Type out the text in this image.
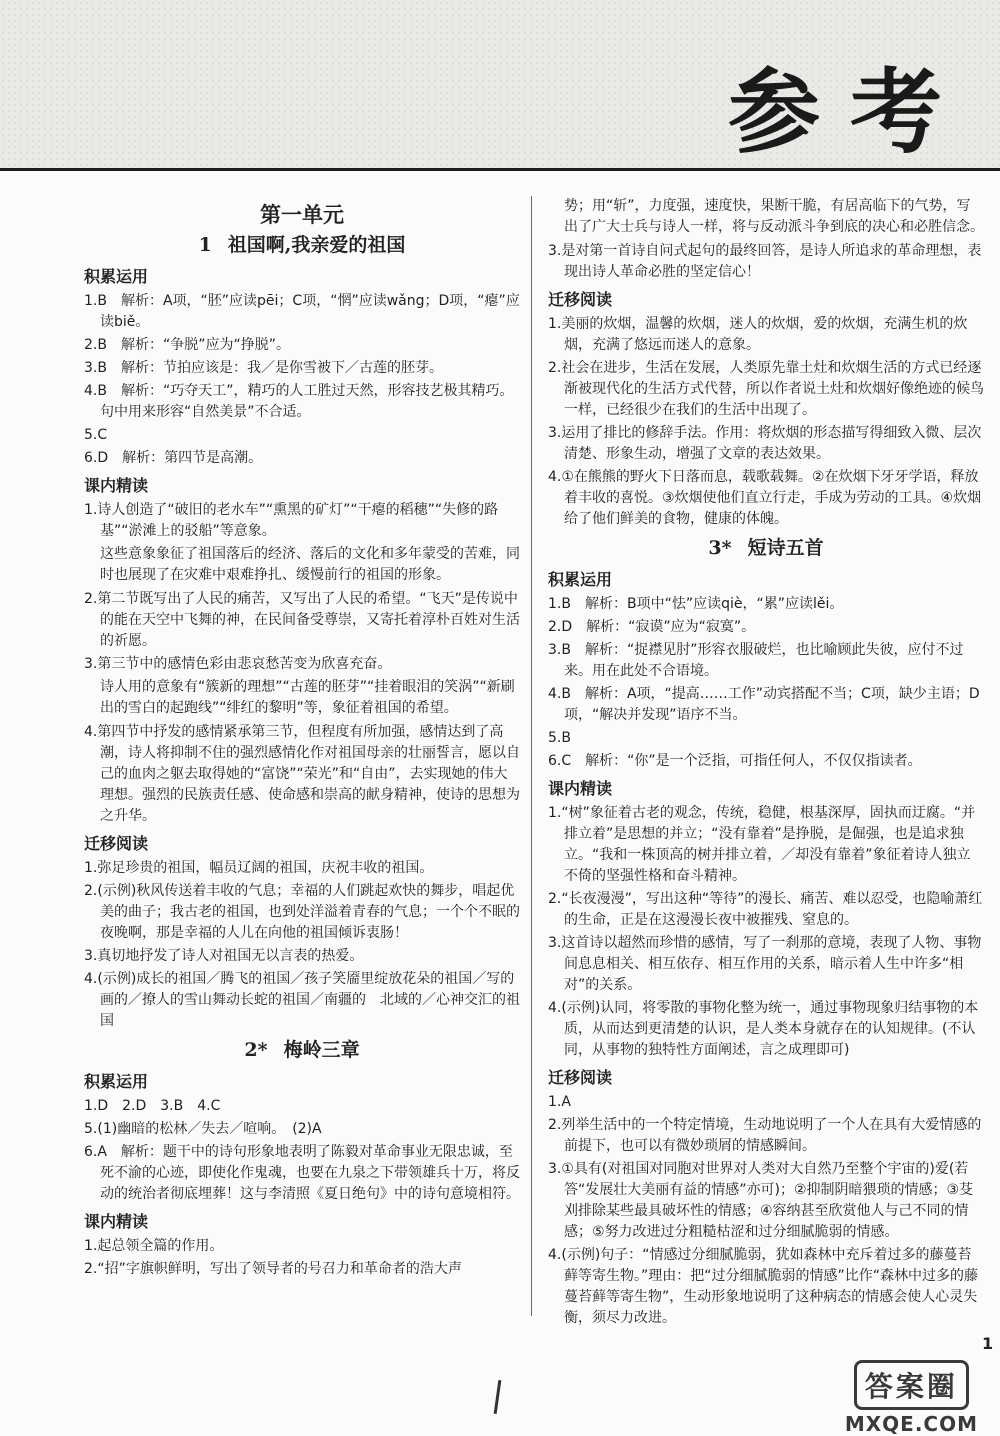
参考
第一单元
1 祖国啊,我亲爱的祖国
积累运用
1.B　解析：A项，“胚”应读pēi；C项，“惘”应读wǎng；D项，“瘪”应读biě。
2.B　解析：“争脱”应为“挣脱”。
3.B　解析：节拍应该是：我／是你雪被下／古莲的胚芽。
4.B　解析：“巧夺天工”，精巧的人工胜过天然，形容技艺极其精巧。句中用来形容“自然美景”不合适。
5.C
6.D　解析：第四节是高潮。
课内精读
1.诗人创造了“破旧的老水车”“熏黑的矿灯”“干瘪的稻穗”“失修的路基”“淤滩上的驳船”等意象。
这些意象象征了祖国落后的经济、落后的文化和多年蒙受的苦难，同时也展现了在灾难中艰难挣扎、缓慢前行的祖国的形象。
2.第二节既写出了人民的痛苦，又写出了人民的希望。“飞天”是传说中的能在天空中飞舞的神，在民间备受尊崇，又寄托着淳朴百姓对生活的祈愿。
3.第三节中的感情色彩由悲哀愁苦变为欣喜充奋。
诗人用的意象有“簇新的理想”“古莲的胚芽”“挂着眼泪的笑涡”“新刷出的雪白的起跑线”“绯红的黎明”等，象征着祖国的希望。
4.第四节中抒发的感情紧承第三节，但程度有所加强，感情达到了高潮，诗人将抑制不住的强烈感情化作对祖国母亲的壮丽誓言，愿以自己的血肉之躯去取得她的“富饶”“荣光”和“自由”，去实现她的伟大理想。强烈的民族责任感、使命感和崇高的献身精神，使诗的思想为之升华。
迁移阅读
1.弥足珍贵的祖国，幅员辽阔的祖国，庆祝丰收的祖国。
2.(示例)秋风传送着丰收的气息；幸福的人们跳起欢快的舞步，唱起优美的曲子；我古老的祖国，也到处洋溢着青春的气息；一个个不眠的夜晚啊，那是幸福的人儿在向他的祖国倾诉衷肠！
3.真切地抒发了诗人对祖国无以言表的热爱。
4.(示例)成长的祖国／腾飞的祖国／孩子笑靥里绽放花朵的祖国／写的　画的／撩人的雪山舞动长蛇的祖国／南疆的　北域的／心神交汇的祖国
2* 梅岭三章
积累运用
1.D　2.D　3.B　4.C
5.(1)幽暗的松林／失去／喧响。　(2)A
6.A　解析：题干中的诗句形象地表明了陈毅对革命事业无限忠诚，至死不渝的心迹，即使化作鬼魂，也要在九泉之下带领雄兵十万，将反动的统治者彻底埋葬！这与李清照《夏日绝句》中的诗句意境相符。
课内精读
1.起总领全篇的作用。
2.“招”字旗帜鲜明，写出了领导者的号召力和革命者的浩大声
势；用“斩”，力度强，速度快，果断干脆，有居高临下的气势，写出了广大士兵与诗人一样，将与反动派斗争到底的决心和必胜信念。
3.是对第一首诗自问式起句的最终回答，是诗人所追求的革命理想，表现出诗人革命必胜的坚定信心！
迁移阅读
1.美丽的炊烟，温馨的炊烟，迷人的炊烟，爱的炊烟，充满生机的炊烟，充满了悠远而迷人的意象。
2.社会在进步，生活在发展，人类原先靠土灶和炊烟生活的方式已经逐渐被现代化的生活方式代替，所以作者说土灶和炊烟好像绝迹的候鸟一样，已经很少在我们的生活中出现了。
3.运用了排比的修辞手法。作用：将炊烟的形态描写得细致入微、层次清楚、形象生动，增强了文章的表达效果。
4.①在熊熊的野火下日落而息，载歌载舞。②在炊烟下牙牙学语，释放着丰收的喜悦。③炊烟使他们直立行走，手成为劳动的工具。④炊烟给了他们鲜美的食物，健康的体魄。
3* 短诗五首
积累运用
1.B　解析：B项中“怯”应读qiè，“累”应读lěi。
2.D　解析：“寂谟”应为“寂寞”。
3.B　解析：“捉襟见肘”形容衣服破烂，也比喻顾此失彼，应付不过来。用在此处不合语境。
4.B　解析：A项，“提高……工作”动宾搭配不当；C项，缺少主语；D项，“解决并发现”语序不当。
5.B
6.C　解析：“你”是一个泛指，可指任何人，不仅仅指读者。
课内精读
1.“树”象征着古老的观念，传统，稳健，根基深厚，固执而迂腐。“并排立着”是思想的并立；“没有靠着”是挣脱，是倔强，也是追求独立。“我和一株顶高的树并排立着，／却没有靠着”象征着诗人独立不倚的坚强性格和奋斗精神。
2.“长夜漫漫”，写出这种“等待”的漫长、痛苦、难以忍受，也隐喻萧红的生命，正是在这漫漫长夜中被摧残、窒息的。
3.这首诗以超然而珍惜的感情，写了一刹那的意境，表现了人物、事物间息息相关、相互依存、相互作用的关系，暗示着人生中许多“相对”的关系。
4.(示例)认同，将零散的事物化整为统一，通过事物现象归结事物的本质，从而达到更清楚的认识，是人类本身就存在的认知规律。(不认同，从事物的独特性方面阐述，言之成理即可)
迁移阅读
1.A
2.列举生活中的一个特定情境，生动地说明了一个人在具有大爱情感的前提下，也可以有微妙琐屑的情感瞬间。
3.①具有(对祖国对同胞对世界对人类对大自然乃至整个宇宙的)爱(若答“发展壮大美丽有益的情感”亦可)；②抑制阴暗猥琐的情感；③芟刈排除某些最具破坏性的情感；④容纳甚至欣赏他人与己不同的情感；⑤努力改进过分粗糙枯涩和过分细腻脆弱的情感。
4.(示例)句子：“情感过分细腻脆弱，犹如森林中充斥着过多的藤蔓苔藓等寄生物。”理由：把“过分细腻脆弱的情感”比作“森林中过多的藤蔓苔藓等寄生物”，生动形象地说明了这种病态的情感会使人心灵失衡，须尽力改进。
1
答案圈
MXQE.COM
